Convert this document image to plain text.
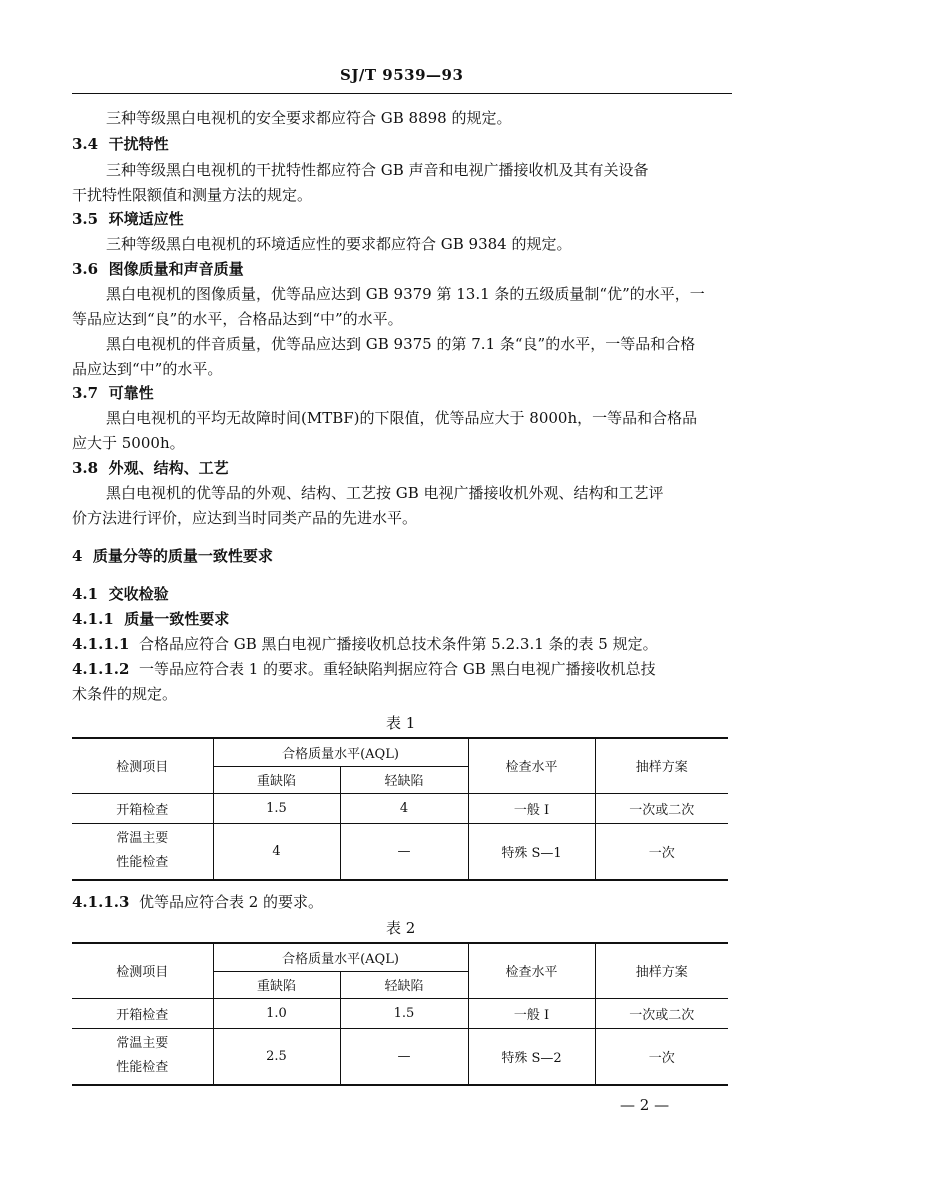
SJ/T 9539—93
三种等级黑白电视机的安全要求都应符合 GB 8898 的规定。
3.4 干扰特性
三种等级黑白电视机的干扰特性都应符合 GB 声音和电视广播接收机及其有关设备
干扰特性限额值和测量方法的规定。
3.5 环境适应性
三种等级黑白电视机的环境适应性的要求都应符合 GB 9384 的规定。
3.6 图像质量和声音质量
黑白电视机的图像质量，优等品应达到 GB 9379 第 13.1 条的五级质量制“优”的水平，一
等品应达到“良”的水平，合格品达到“中”的水平。
黑白电视机的伴音质量，优等品应达到 GB 9375 的第 7.1 条“良”的水平，一等品和合格
品应达到“中”的水平。
3.7 可靠性
黑白电视机的平均无故障时间(MTBF)的下限值，优等品应大于 8000h，一等品和合格品
应大于 5000h。
3.8 外观、结构、工艺
黑白电视机的优等品的外观、结构、工艺按 GB 电视广播接收机外观、结构和工艺评
价方法进行评价，应达到当时同类产品的先进水平。
4 质量分等的质量一致性要求
4.1 交收检验
4.1.1 质量一致性要求
4.1.1.1 合格品应符合 GB 黑白电视广播接收机总技术条件第 5.2.3.1 条的表 5 规定。
4.1.1.2 一等品应符合表 1 的要求。重轻缺陷判据应符合 GB 黑白电视广播接收机总技
术条件的规定。
表 1
检测项目	合格质量水平(AQL)		检查水平	抽样方案
	重缺陷	轻缺陷		
开箱检查	1.5	4	一般 I	一次或二次

常温主要
性能检查	4	—	特殊 S—1	一次
4.1.1.3 优等品应符合表 2 的要求。
表 2
检测项目	合格质量水平(AQL)		检查水平	抽样方案
	重缺陷	轻缺陷		
开箱检查	1.0	1.5	一般 I	一次或二次

常温主要
性能检查	2.5	—	特殊 S—2	一次
— 2 —
